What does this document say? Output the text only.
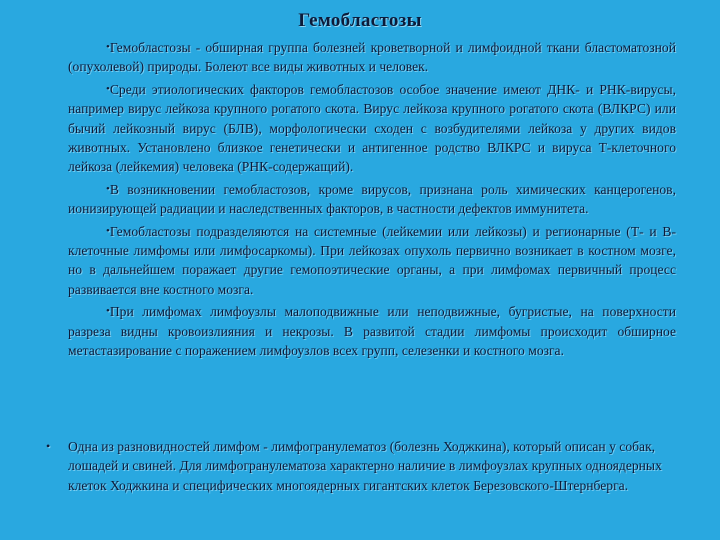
Гемобластозы

•Гемобластозы - обширная группа болезней кроветворной и лимфоидной ткани бластоматозной (опухолевой) природы. Болеют все виды животных и человек.

•Среди этиологических факторов гемобластозов особое значение имеют ДНК- и РНК-вирусы, например вирус лейкоза крупного рогатого скота. Вирус лейкоза крупного рогатого скота (ВЛКРС) или бычий лейкозный вирус (БЛВ), морфологически сходен с возбудителями лейкоза у других видов животных. Установлено близкое генетически и антигенное родство ВЛКРС и вируса Т-клеточного лейкоза (лейкемия) человека (РНК-содержащий).

•В возникновении гемобластозов, кроме вирусов, признана роль химических канцерогенов, ионизирующей радиации и наследственных факторов, в частности дефектов иммунитета.

•Гемобластозы подразделяются на системные (лейкемии или лейкозы) и регионарные (Т- и В-клеточные лимфомы или лимфосаркомы). При лейкозах опухоль первично возникает в костном мозге, но в дальнейшем поражает другие гемопоэтические органы, а при лимфомах первичный процесс развивается вне костного мозга.

•При лимфомах лимфоузлы малоподвижные или неподвижные, бугристые, на поверхности разреза видны кровоизлияния и некрозы. В развитой стадии лимфомы происходит обширное метастазирование с поражением лимфоузлов всех групп, селезенки и костного мозга.

• Одна из разновидностей лимфом - лимфогранулематоз (болезнь Ходжкина), который описан у собак, лошадей и свиней. Для лимфогранулематоза характерно наличие в лимфоузлах крупных одноядерных клеток Ходжкина и специфических многоядерных гигантских клеток Березовского-Штернберга.
